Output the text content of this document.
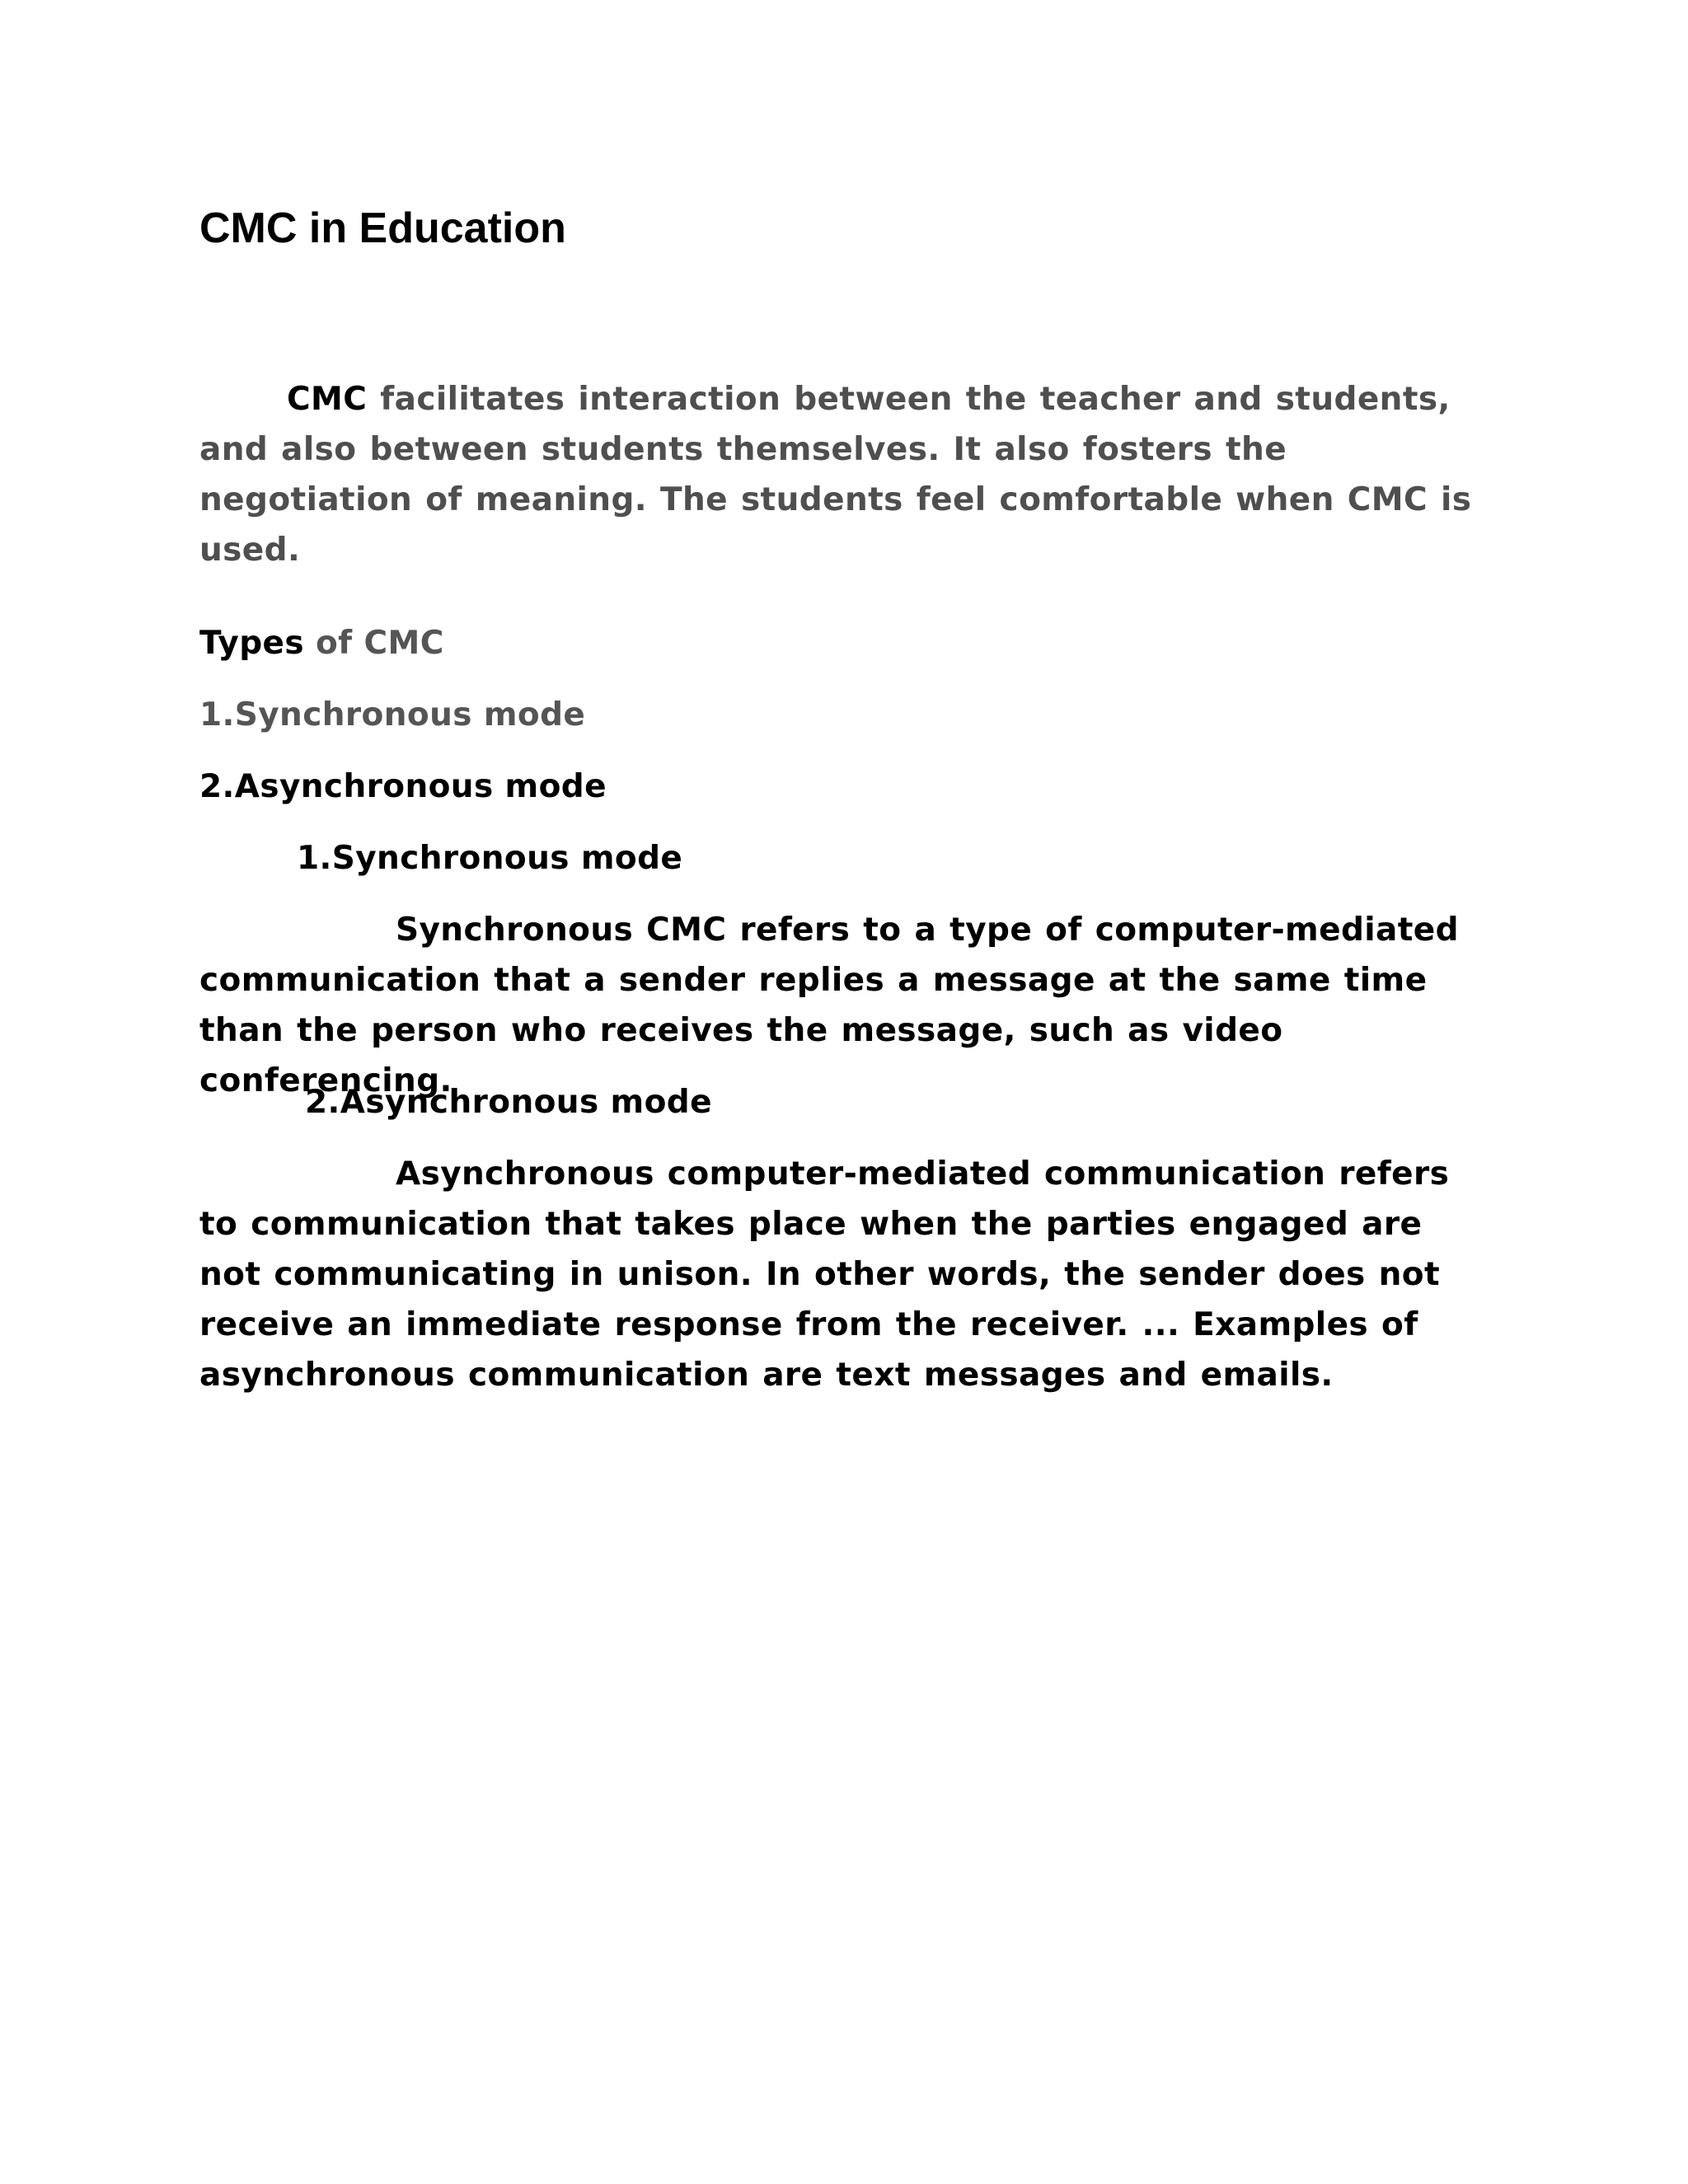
CMC in Education

CMC facilitates interaction between the teacher and students, and also between students themselves. It also fosters the negotiation of meaning. The students feel comfortable when CMC is used.

Types of CMC
1.Synchronous mode
2.Asynchronous mode
1.Synchronous mode

Synchronous CMC refers to a type of computer-mediated communication that a sender replies a message at the same time than the person who receives the message, such as video conferencing.

2.Asynchronous mode

Asynchronous computer-mediated communication refers to communication that takes place when the parties engaged are not communicating in unison. In other words, the sender does not receive an immediate response from the receiver. ... Examples of asynchronous communication are text messages and emails.
